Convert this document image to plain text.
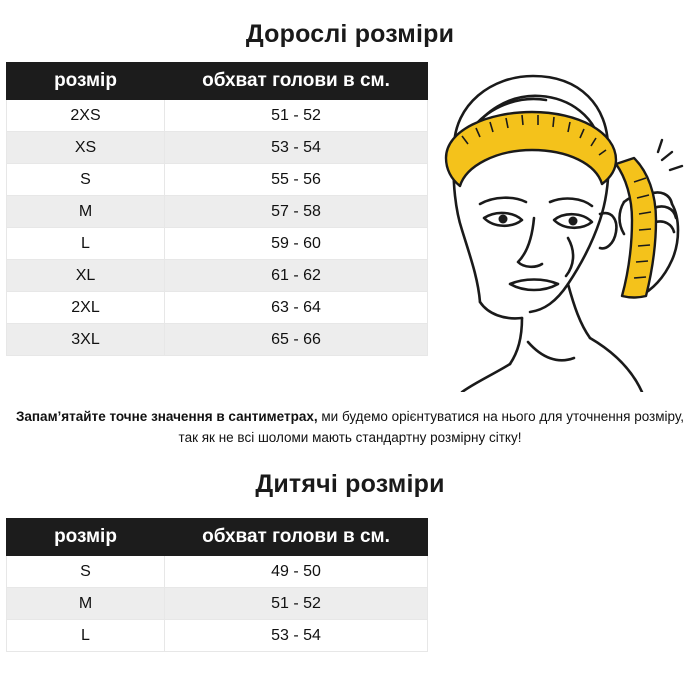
Дорослі розміри
розмір	обхват голови в см.
2XS	51 - 52
XS	53 - 54
S	55 - 56
M	57 - 58
L	59 - 60
XL	61 - 62
2XL	63 - 64
3XL	65 - 66
Запам’ятайте точне значення в сантиметрах, ми будемо орієнтуватися на нього для уточнення розміру, так як не всі шоломи мають стандартну розмірну сітку!
Дитячі розміри
розмір	обхват голови в см.
S	49 - 50
M	51 - 52
L	53 - 54
